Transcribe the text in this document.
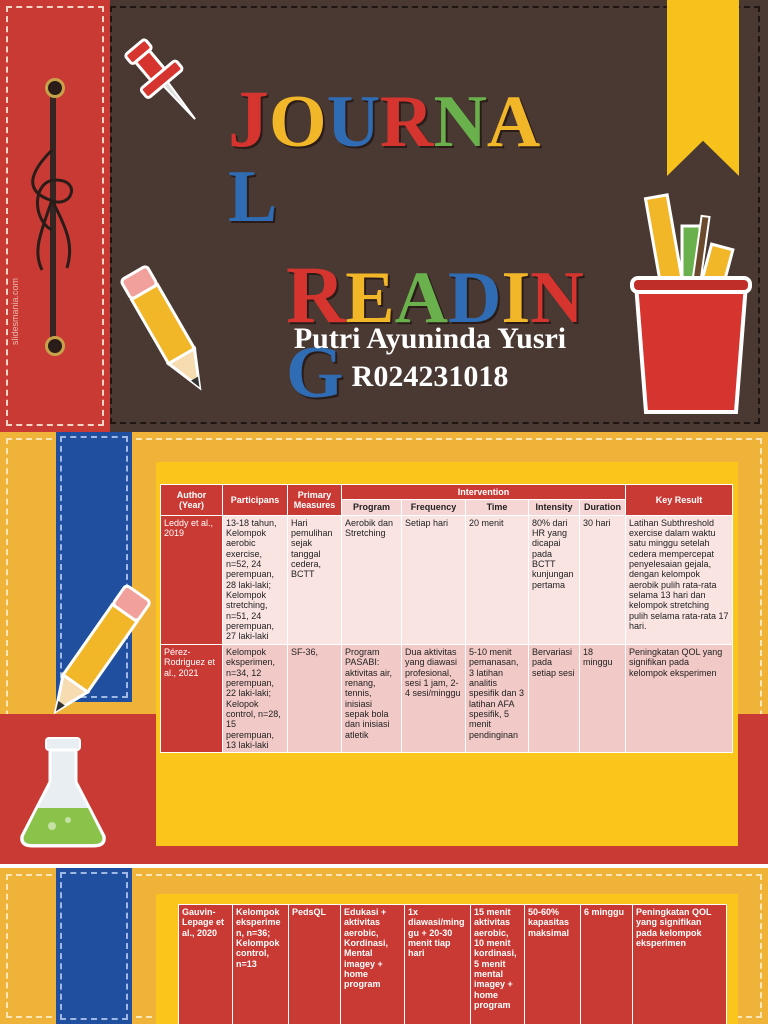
slidesmania.com
JOURNAL
READING
Putri Ayuninda Yusri
R024231018
Author (Year)	Participans	Primary Measures	Intervention					Key Result
			Program	Frequency	Time	Intensity	Duration	
Leddy et al., 2019	13-18 tahun, Kelompok aerobic exercise, n=52, 24 perempuan, 28 laki-laki; Kelompok stretching, n=51, 24 perempuan, 27 laki-laki	Hari pemulihan sejak tanggal cedera, BCTT	Aerobik dan Stretching	Setiap hari	20 menit	80% dari HR yang dicapai pada BCTT kunjungan pertama	30 hari	Latihan Subthreshold exercise dalam waktu satu minggu setelah cedera mempercepat penyelesaian gejala, dengan kelompok aerobik pulih rata-rata selama 13 hari dan kelompok stretching pulih selama rata-rata 17 hari.
Pérez-Rodriguez et al., 2021	Kelompok eksperimen, n=34, 12 perempuan, 22 laki-laki; Kelopok control, n=28, 15 perempuan, 13 laki-laki	SF-36,	Program PASABI: aktivitas air, renang, tennis, inisiasi sepak bola dan inisiasi atletik	Dua aktivitas yang diawasi profesional, sesi 1 jam, 2-4 sesi/minggu	5-10 menit pemanasan, 3 latihan analitis spesifik dan 3 latihan AFA spesifik, 5 menit pendinginan	Bervariasi pada setiap sesi	18 minggu	Peningkatan QOL yang signifikan pada kelompok eksperimen
Gauvin-Lepage et al., 2020	Kelompok eksperimen, n=36; Kelompok control, n=13	PedsQL	Edukasi + aktivitas aerobic, Kordinasi, Mental imagey + home program	1x diawasi/minggu + 20-30 menit tiap hari	15 menit aktivitas aerobic, 10 menit kordinasi, 5 menit mental imagey + home program	50-60% kapasitas maksimal	6 minggu	Peningkatan QOL yang signifikan pada kelompok eksperimen
